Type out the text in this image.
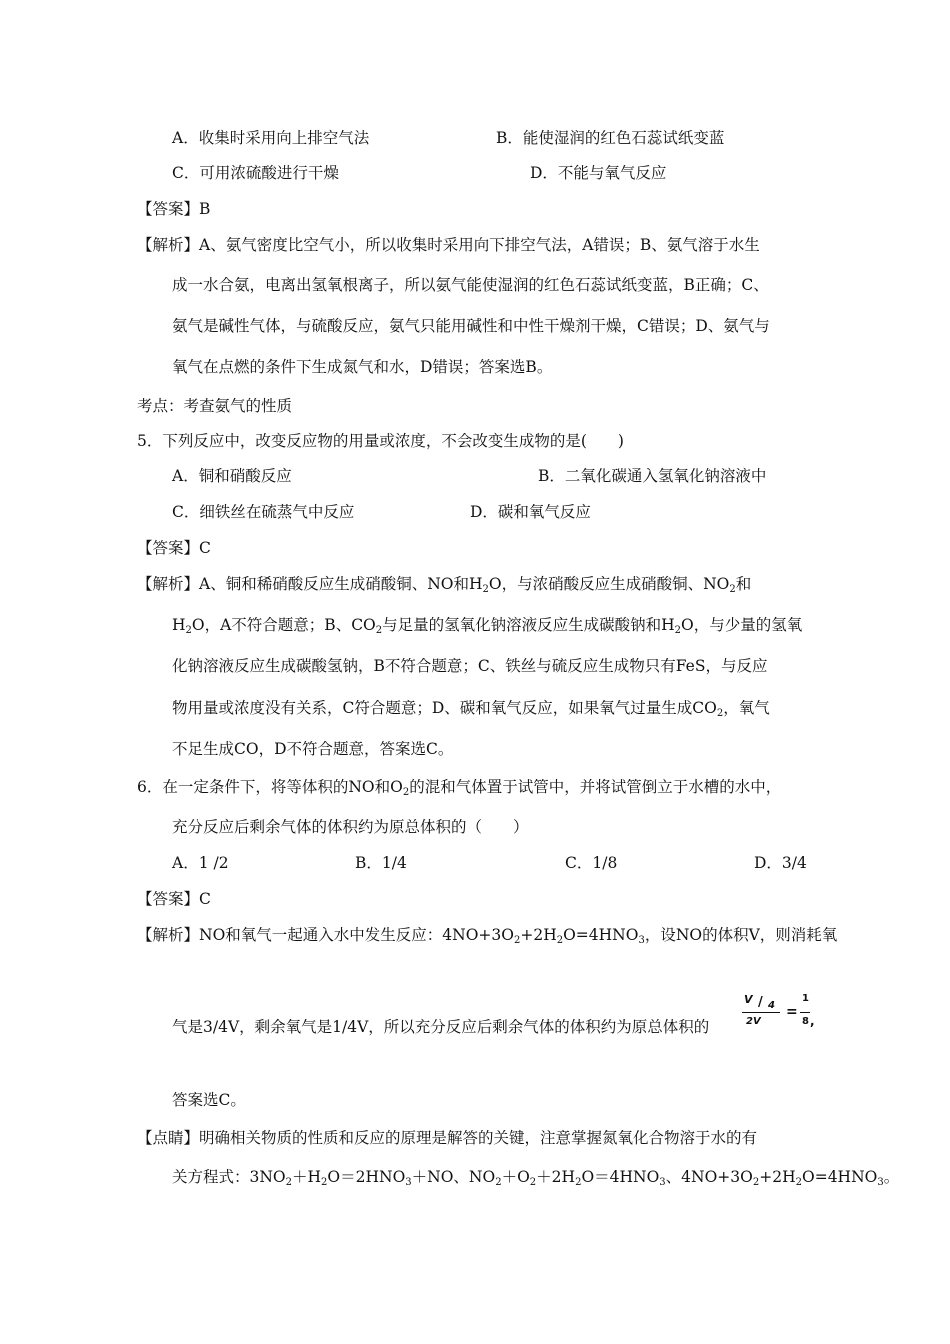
A．收集时采用向上排空气法	B．能使湿润的红色石蕊试纸变蓝
C．可用浓硫酸进行干燥	D．不能与氧气反应
【答案】B
【解析】A、氨气密度比空气小，所以收集时采用向下排空气法，A错误；B、氨气溶于水生
成一水合氨，电离出氢氧根离子，所以氨气能使湿润的红色石蕊试纸变蓝，B正确；C、
氨气是碱性气体，与硫酸反应，氨气只能用碱性和中性干燥剂干燥，C错误；D、氨气与
氧气在点燃的条件下生成氮气和水，D错误；答案选B。
考点：考查氨气的性质
5．下列反应中，改变反应物的用量或浓度，不会改变生成物的是(　　)
A．铜和硝酸反应	B．二氧化碳通入氢氧化钠溶液中
C．细铁丝在硫蒸气中反应	D．碳和氧气反应
【答案】C
【解析】A、铜和稀硝酸反应生成硝酸铜、NO和$H_2O$，与浓硝酸反应生成硝酸铜、$NO_2$和
$H_2O$，A不符合题意；B、$CO_2$与足量的氢氧化钠溶液反应生成碳酸钠和$H_2O$，与少量的氢氧
化钠溶液反应生成碳酸氢钠，B不符合题意；C、铁丝与硫反应生成物只有FeS，与反应
物用量或浓度没有关系，C符合题意；D、碳和氧气反应，如果氧气过量生成$CO_2$，氧气
不足生成CO，D不符合题意，答案选C。
6．在一定条件下，将等体积的NO和$O_2$的混和气体置于试管中，并将试管倒立于水槽的水中，
充分反应后剩余气体的体积约为原总体积的（　　）
A．1 /2	B．1/4	C．1/8	D．3/4
【答案】C
【解析】NO和氧气一起通入水中发生反应：$4NO+3O_2+2H_2O=4HNO_3$，设NO的体积V，则消耗氧
气是3/4V，剩余氧气是1/4V，所以充分反应后剩余气体的体积约为原总体积的
V / 4
2V
=
1
8 ,
答案选C。
【点睛】明确相关物质的性质和反应的原理是解答的关键，注意掌握氮氧化合物溶于水的有
关方程式：$3NO_2+H_2O=2HNO_3+NO$、$NO_2+O_2+2H_2O=4HNO_3$、$4NO+3O_2+2H_2O=4HNO_3$。
